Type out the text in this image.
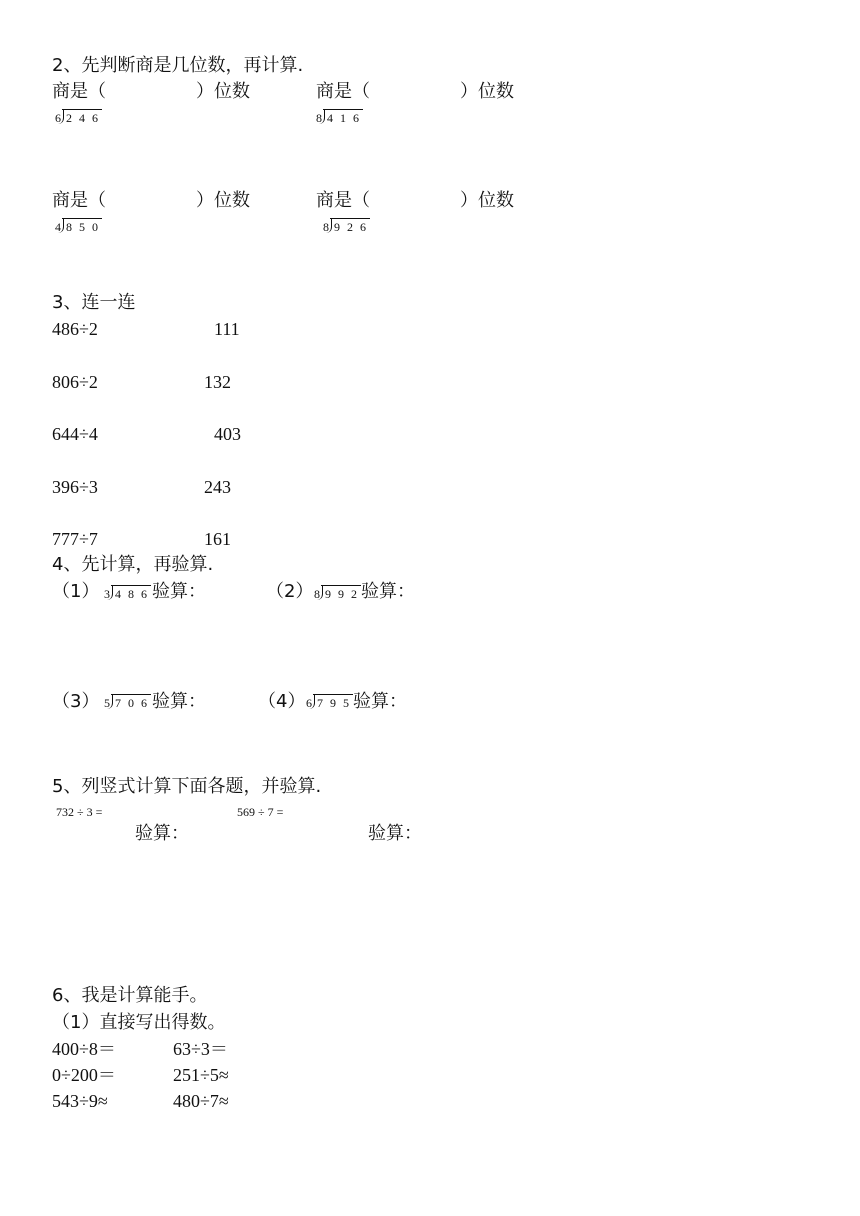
2、先判断商是几位数，再计算.
商是（　　　　　）位数
6 2 4 6
商是（　　　　　）位数
8 4 1 6
商是（　　　　　）位数
4 8 5 0
商是（　　　　　）位数
8 9 2 6
3、连一连
486÷2	111
806÷2	132
644÷4	403
396÷3	243
777÷7	161
4、先计算，再验算.
（1） 3 4 8 6 验算：	（2） 8 9 9 2 验算：
（3） 5 7 0 6 验算：	（4） 6 7 9 5 验算：
5、列竖式计算下面各题，并验算.
732 ÷ 3 =	569 ÷ 7 =
验算：	验算：
6、我是计算能手。
（1）直接写出得数。
400÷8＝	63÷3＝
0÷200＝	251÷5≈
543÷9≈	480÷7≈
